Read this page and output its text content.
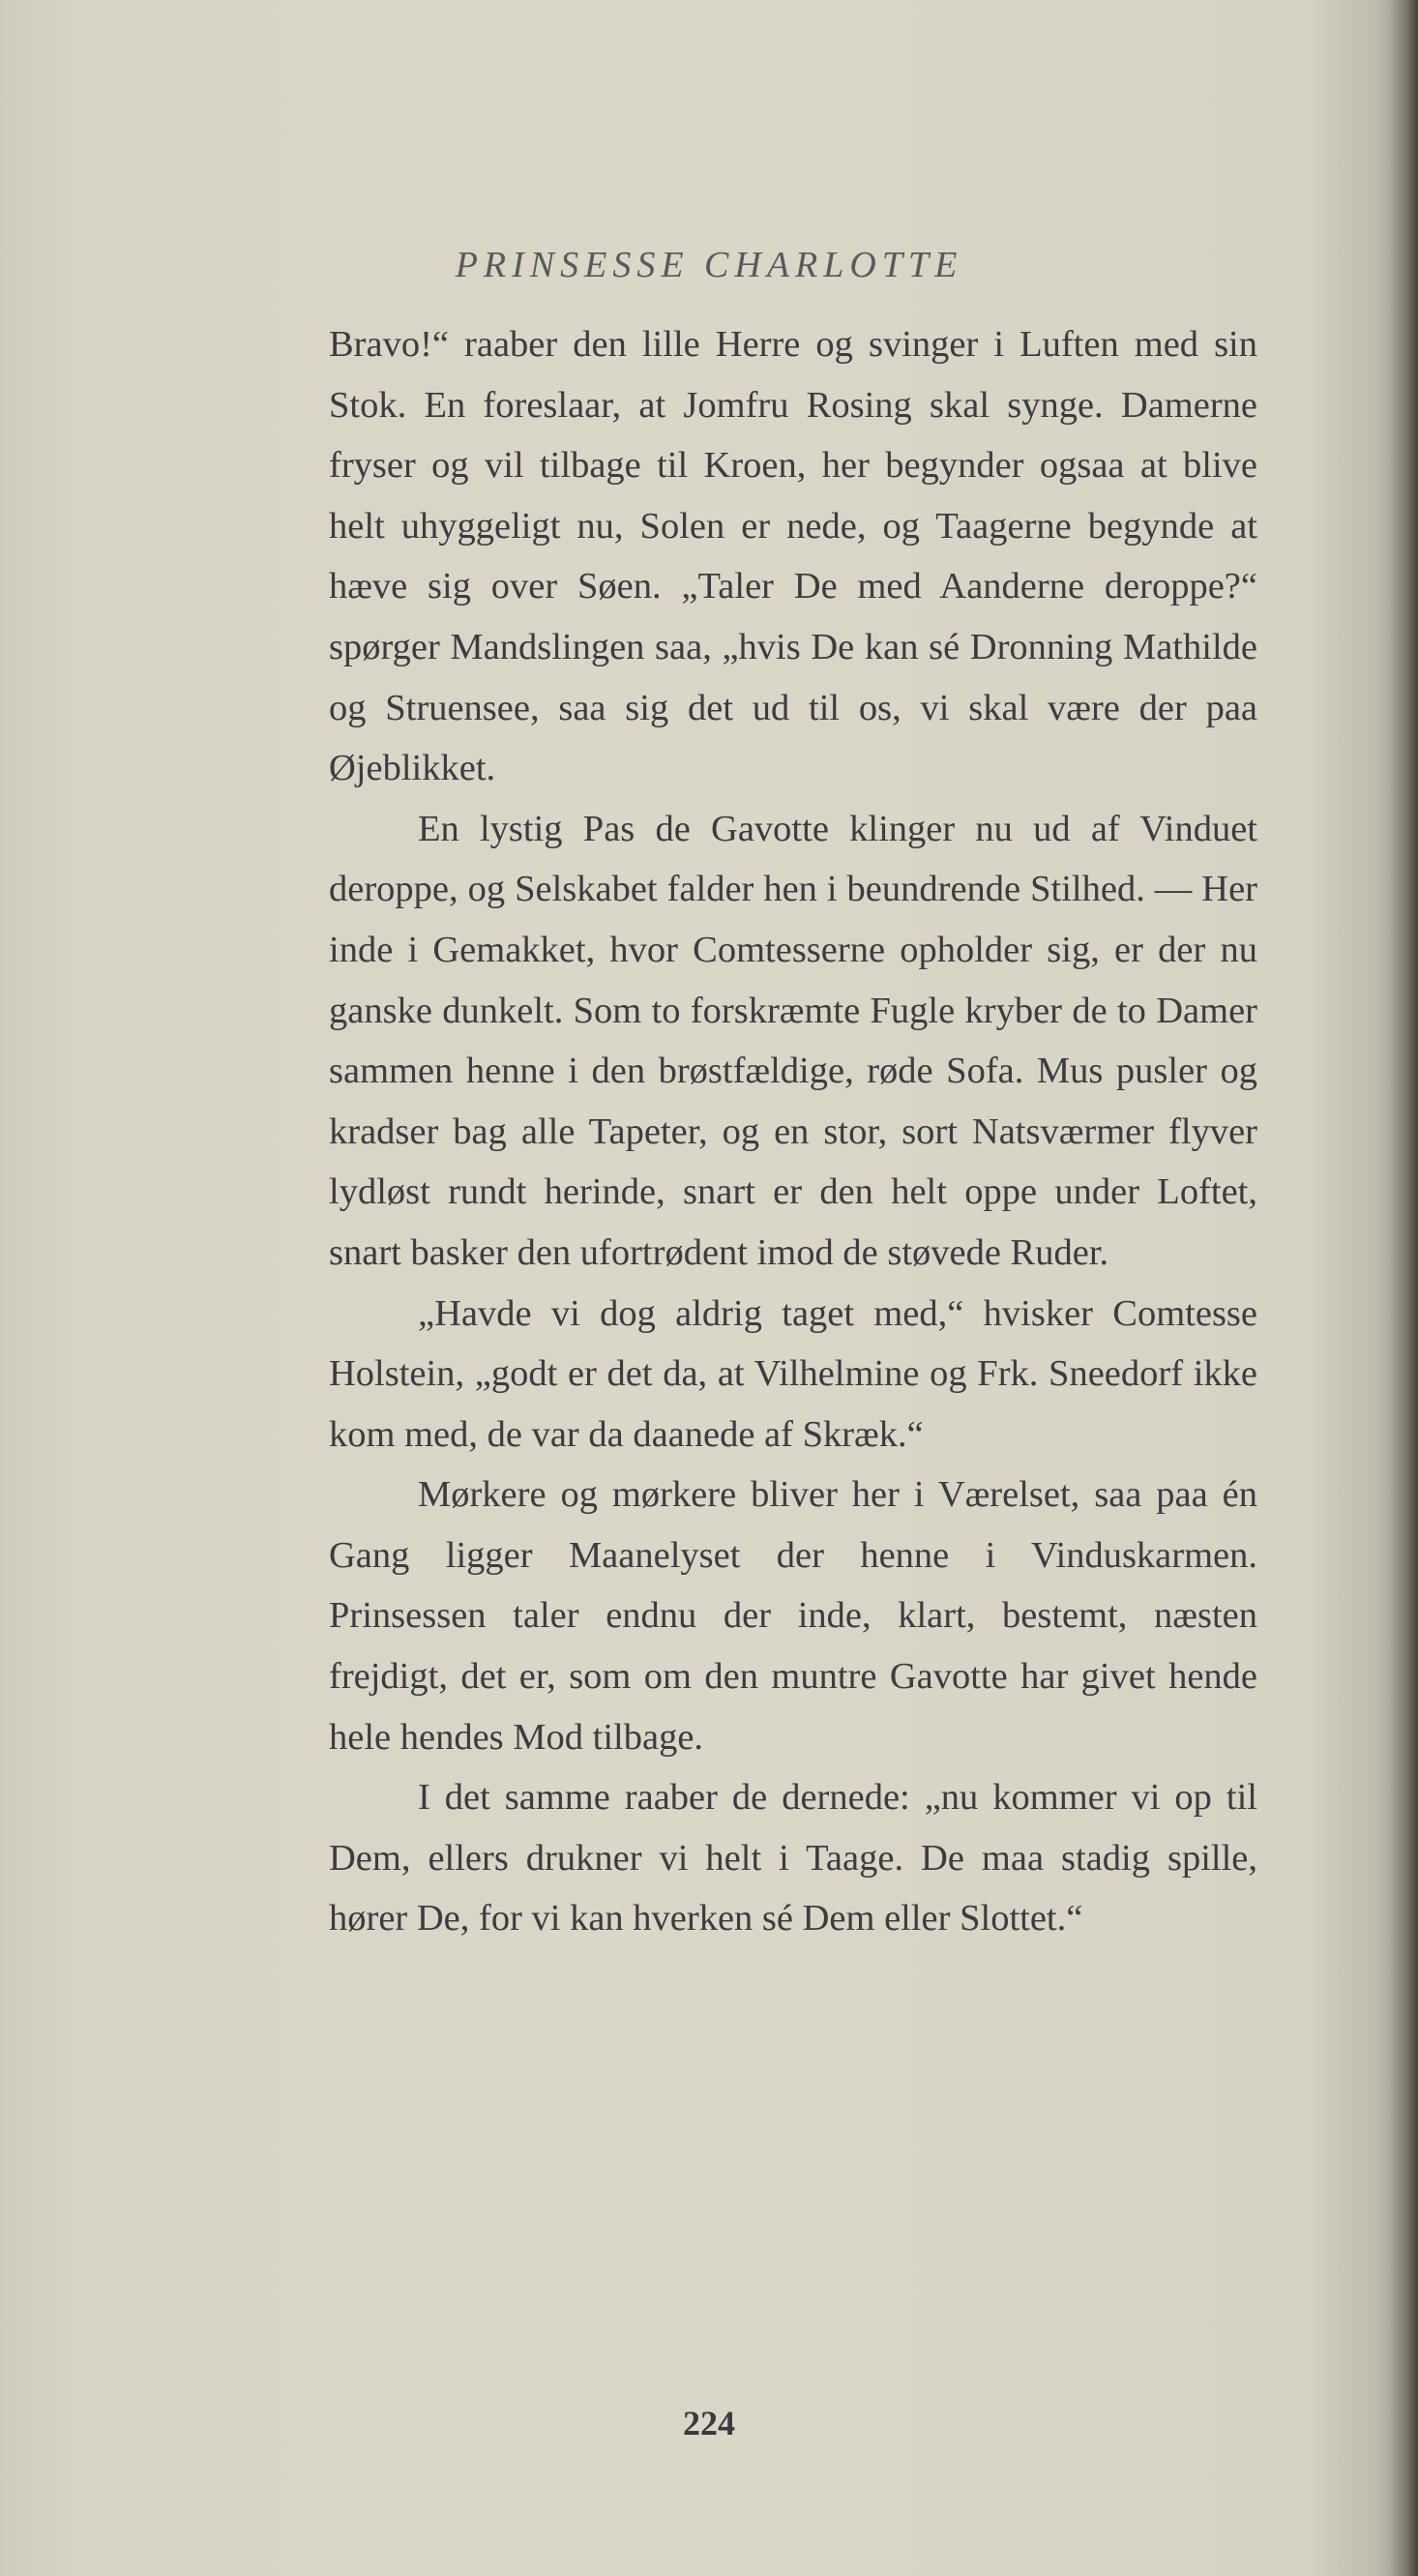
PRINSESSE CHARLOTTE

Bravo!“ raaber den lille Herre og svinger i Luften med sin Stok. En foreslaar, at Jomfru Rosing skal synge. Damerne fryser og vil tilbage til Kroen, her begynder ogsaa at blive helt uhyggeligt nu, Solen er nede, og Taagerne begynde at hæve sig over Søen. „Taler De med Aanderne deroppe?“ spørger Mandslingen saa, „hvis De kan sé Dronning Mathilde og Struensee, saa sig det ud til os, vi skal være der paa Øjeblikket.

En lystig Pas de Gavotte klinger nu ud af Vinduet deroppe, og Selskabet falder hen i beundrende Stilhed. — Her inde i Gemakket, hvor Comtesserne opholder sig, er der nu ganske dunkelt. Som to forskræmte Fugle kryber de to Damer sammen henne i den brøstfældige, røde Sofa. Mus pusler og kradser bag alle Tapeter, og en stor, sort Natsværmer flyver lydløst rundt herinde, snart er den helt oppe under Loftet, snart basker den ufortrødent imod de støvede Ruder.

„Havde vi dog aldrig taget med,“ hvisker Comtesse Holstein, „godt er det da, at Vilhelmine og Frk. Sneedorf ikke kom med, de var da daanede af Skræk.“

Mørkere og mørkere bliver her i Værelset, saa paa én Gang ligger Maanelyset der henne i Vinduskarmen. Prinsessen taler endnu der inde, klart, bestemt, næsten frejdigt, det er, som om den muntre Gavotte har givet hende hele hendes Mod tilbage.

I det samme raaber de dernede: „nu kommer vi op til Dem, ellers drukner vi helt i Taage. De maa stadig spille, hører De, for vi kan hverken sé Dem eller Slottet.“

224
